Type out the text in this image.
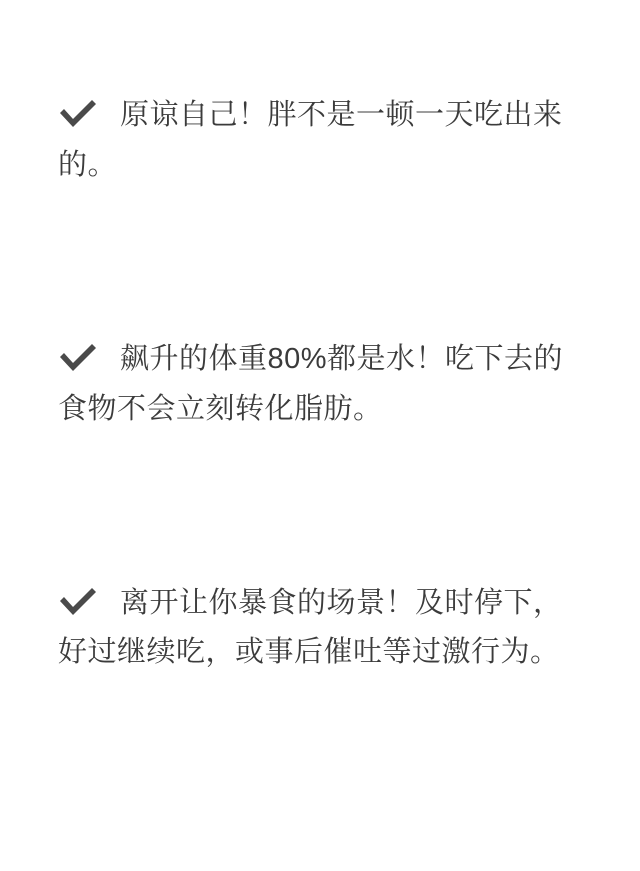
原谅自己！胖不是一顿一天吃出来的。

飙升的体重80%都是水！吃下去的食物不会立刻转化脂肪。

离开让你暴食的场景！及时停下，好过继续吃，或事后催吐等过激行为。
